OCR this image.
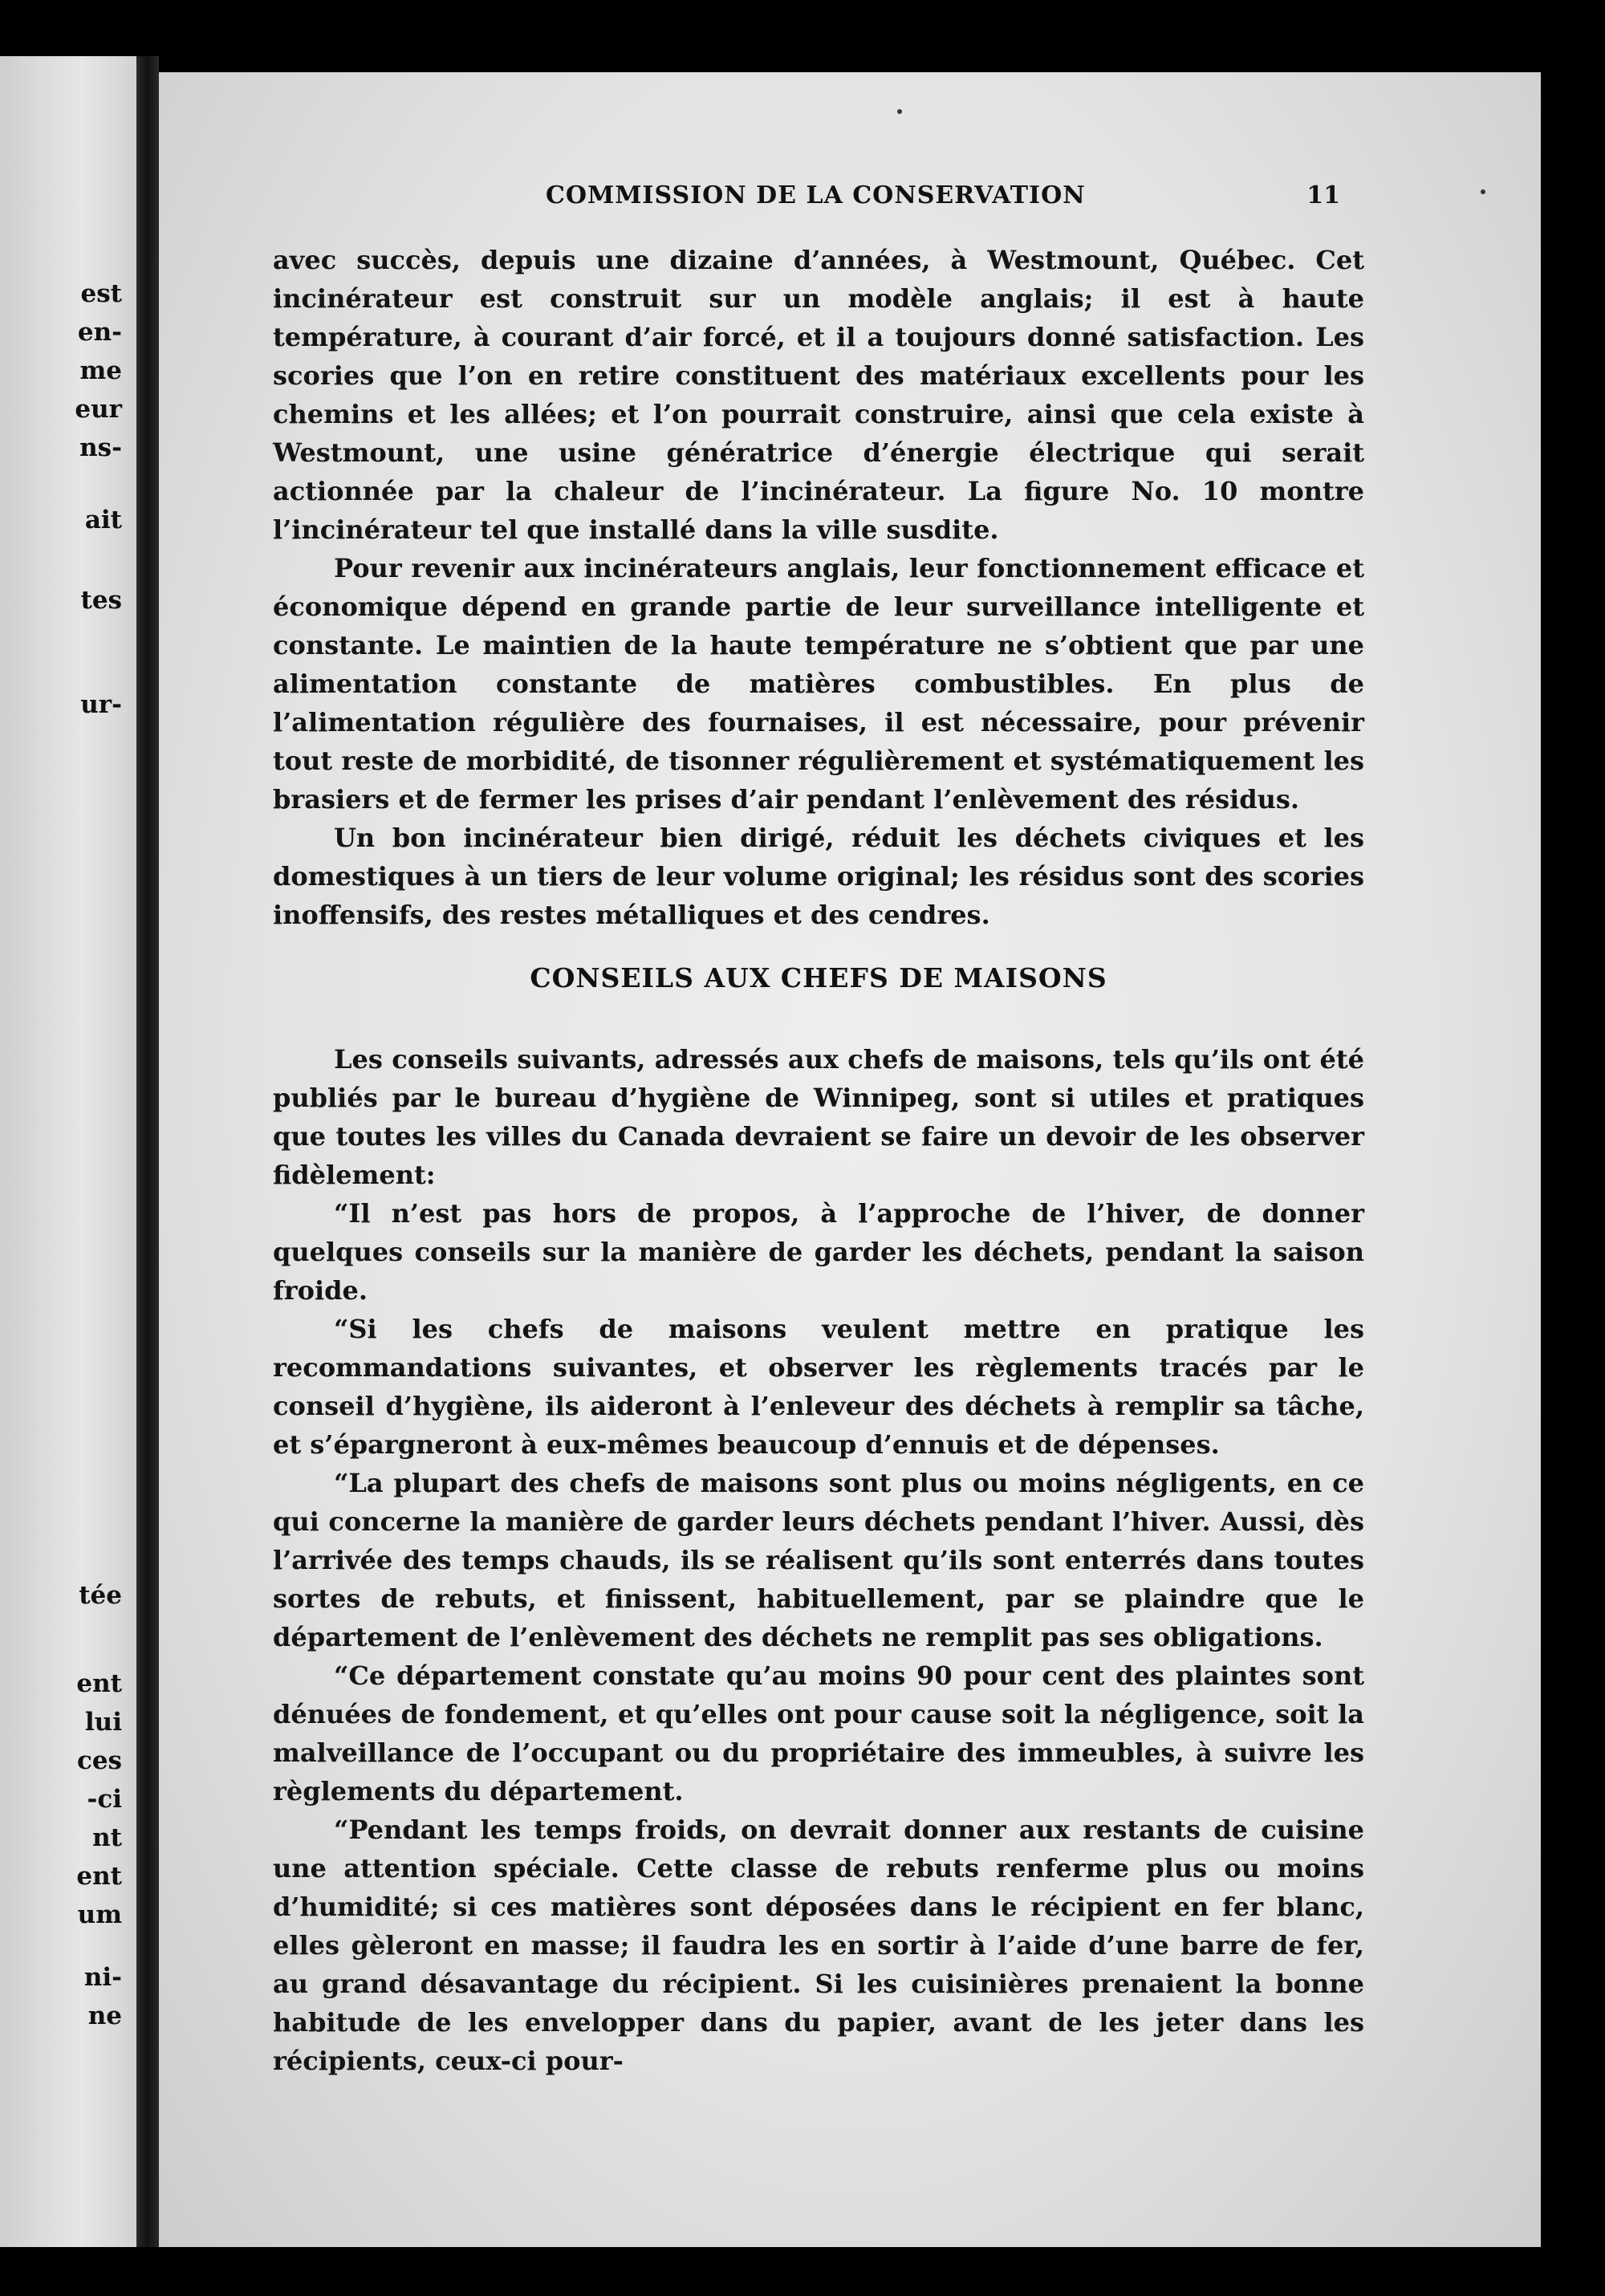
est
en-
me
eur
ns-
ait
tes
ur-
tée
ent
lui
ces
-ci
nt
ent
um
ni-
ne
COMMISSION DE LA CONSERVATION	11

avec succès, depuis une dizaine d’années, à Westmount, Québec. Cet incinérateur est construit sur un modèle anglais; il est à haute température, à courant d’air forcé, et il a toujours donné satisfaction. Les scories que l’on en retire constituent des matériaux excellents pour les chemins et les allées; et l’on pourrait construire, ainsi que cela existe à Westmount, une usine génératrice d’énergie électrique qui serait actionnée par la chaleur de l’incinérateur. La figure No. 10 montre l’incinérateur tel que installé dans la ville susdite.

Pour revenir aux incinérateurs anglais, leur fonctionnement efficace et économique dépend en grande partie de leur surveillance intelligente et constante. Le maintien de la haute température ne s’obtient que par une alimentation constante de matières combustibles. En plus de l’alimentation régulière des fournaises, il est nécessaire, pour prévenir tout reste de morbidité, de tisonner régulièrement et systématiquement les brasiers et de fermer les prises d’air pendant l’enlèvement des résidus.

Un bon incinérateur bien dirigé, réduit les déchets civiques et les domestiques à un tiers de leur volume original; les résidus sont des scories inoffensifs, des restes métalliques et des cendres.

CONSEILS AUX CHEFS DE MAISONS

Les conseils suivants, adressés aux chefs de maisons, tels qu’ils ont été publiés par le bureau d’hygiène de Winnipeg, sont si utiles et pratiques que toutes les villes du Canada devraient se faire un devoir de les observer fidèlement:

“Il n’est pas hors de propos, à l’approche de l’hiver, de donner quelques conseils sur la manière de garder les déchets, pendant la saison froide.

“Si les chefs de maisons veulent mettre en pratique les recommandations suivantes, et observer les règlements tracés par le conseil d’hygiène, ils aideront à l’enleveur des déchets à remplir sa tâche, et s’épargneront à eux-mêmes beaucoup d’ennuis et de dépenses.

“La plupart des chefs de maisons sont plus ou moins négligents, en ce qui concerne la manière de garder leurs déchets pendant l’hiver. Aussi, dès l’arrivée des temps chauds, ils se réalisent qu’ils sont enterrés dans toutes sortes de rebuts, et finissent, habituellement, par se plaindre que le département de l’enlèvement des déchets ne remplit pas ses obligations.

“Ce département constate qu’au moins 90 pour cent des plaintes sont dénuées de fondement, et qu’elles ont pour cause soit la négligence, soit la malveillance de l’occupant ou du propriétaire des immeubles, à suivre les règlements du département.

“Pendant les temps froids, on devrait donner aux restants de cuisine une attention spéciale. Cette classe de rebuts renferme plus ou moins d’humidité; si ces matières sont déposées dans le récipient en fer blanc, elles gèleront en masse; il faudra les en sortir à l’aide d’une barre de fer, au grand désavantage du récipient. Si les cuisinières prenaient la bonne habitude de les envelopper dans du papier, avant de les jeter dans les récipients, ceux-ci pour-
